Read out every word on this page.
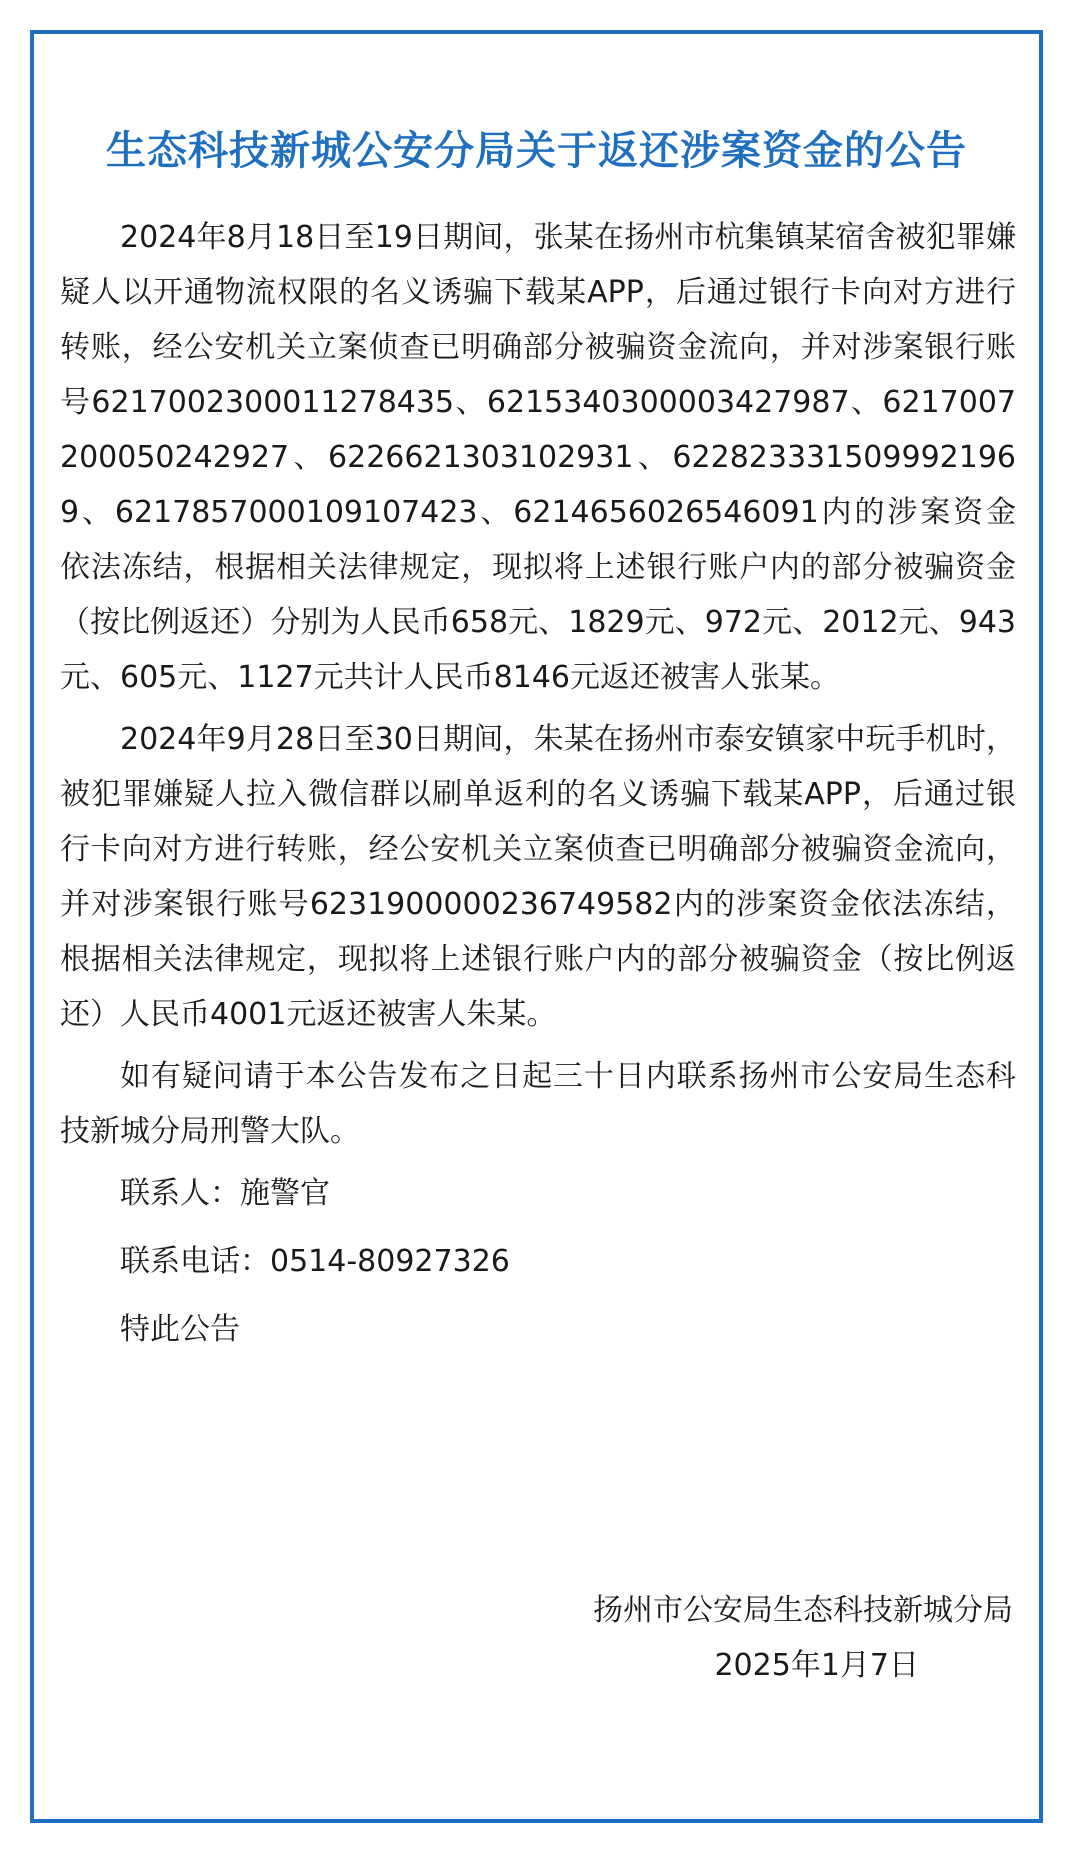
生态科技新城公安分局关于返还涉案资金的公告

2024年8月18日至19日期间，张某在扬州市杭集镇某宿舍被犯罪嫌疑人以开通物流权限的名义诱骗下载某APP，后通过银行卡向对方进行转账，经公安机关立案侦查已明确部分被骗资金流向，并对涉案银行账号6217002300011278435、6215340300003427987、6217007200050242927、6226621303102931、6228233315099921969、6217857000109107423、6214656026546091内的涉案资金依法冻结，根据相关法律规定，现拟将上述银行账户内的部分被骗资金（按比例返还）分别为人民币658元、1829元、972元、2012元、943元、605元、1127元共计人民币8146元返还被害人张某。

2024年9月28日至30日期间，朱某在扬州市泰安镇家中玩手机时，被犯罪嫌疑人拉入微信群以刷单返利的名义诱骗下载某APP，后通过银行卡向对方进行转账，经公安机关立案侦查已明确部分被骗资金流向，并对涉案银行账号6231900000236749582内的涉案资金依法冻结，根据相关法律规定，现拟将上述银行账户内的部分被骗资金（按比例返还）人民币4001元返还被害人朱某。

如有疑问请于本公告发布之日起三十日内联系扬州市公安局生态科技新城分局刑警大队。

联系人：施警官

联系电话：0514-80927326

特此公告

扬州市公安局生态科技新城分局
2025年1月7日
